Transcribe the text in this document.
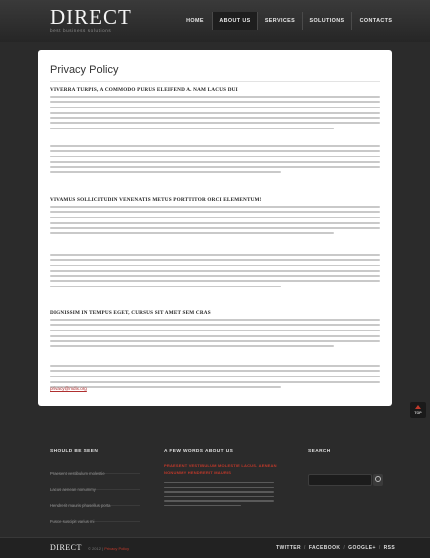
DIRECT
best business solutions
HOME	ABOUT US	SERVICES	SOLUTIONS	CONTACTS
Privacy Policy
VIVERRA TURPIS, A COMMODO PURUS ELEIFEND A. NAM LACUS DUI
VIVAMUS SOLLICITUDIN VENENATIS METUS PORTTITOR ORCI ELEMENTUM!
DIGNISSIM IN TEMPUS EGET, CURSUS SIT AMET SEM CRAS
privacy@mdix.org
TOP
SHOULD BE SEEN
Praesent vestibulum molestie
Lacus aenean nonummy
Hendrerit mauris phasellus porta
Fusce suscipit varius mi
A FEW WORDS ABOUT US
PRAESENT VESTIBULUM MOLESTIE LACUS. AENEAN
NONUMMY HENDRERIT MAURIS
SEARCH
DIRECT © 2012 | Privacy Policy	TWITTER / FACEBOOK / GOOGLE+ / RSS
